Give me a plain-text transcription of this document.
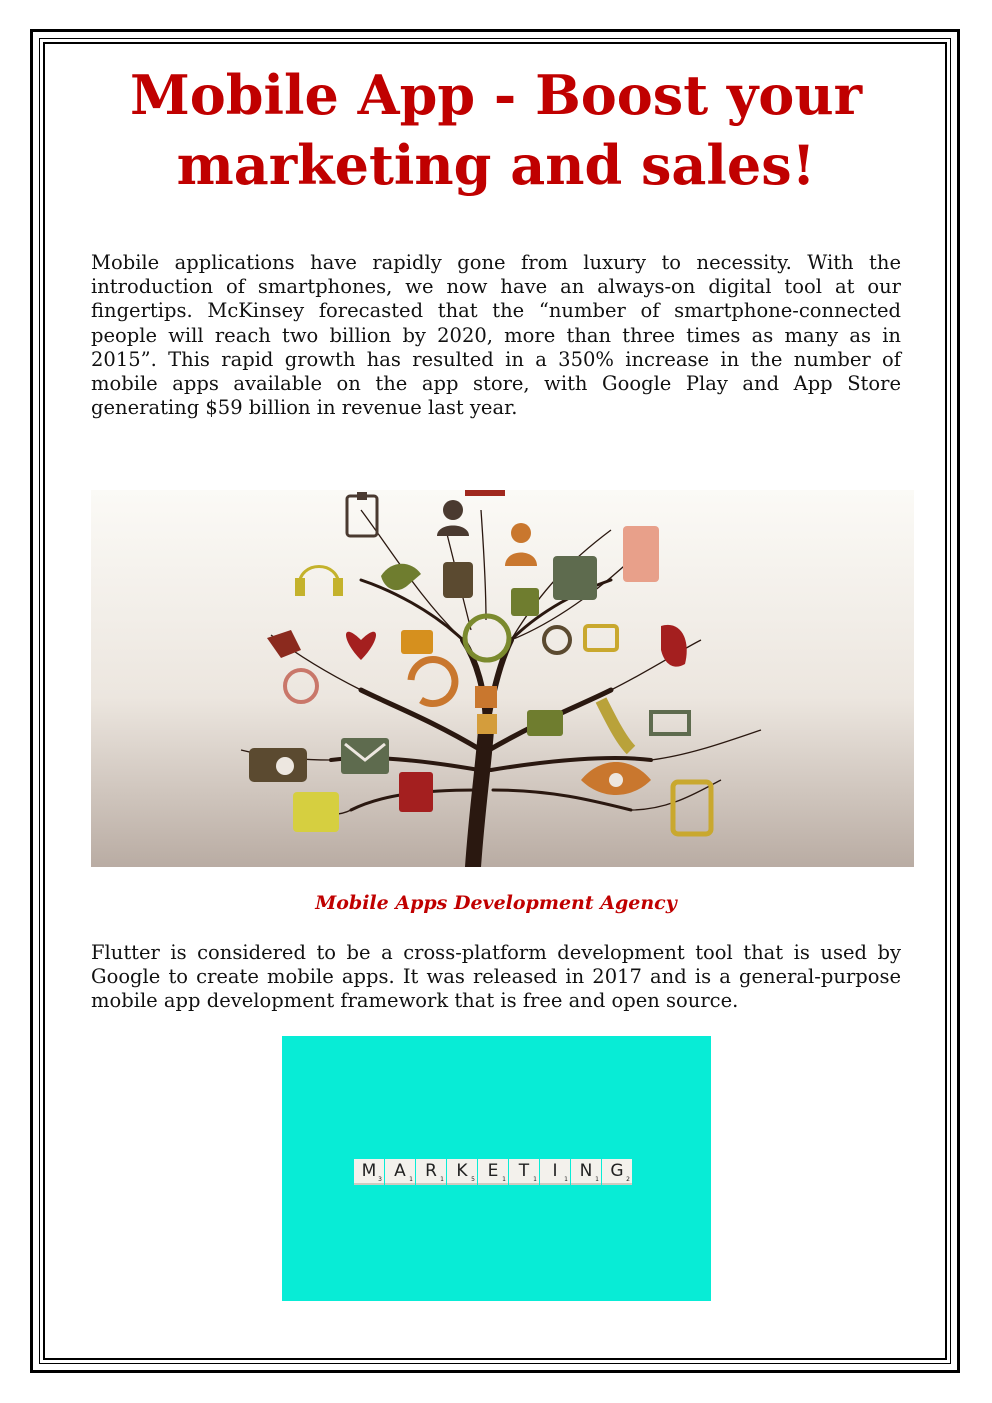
Mobile App - Boost your marketing and sales!

Mobile applications have rapidly gone from luxury to necessity. With the introduction of smartphones, we now have an always-on digital tool at our fingertips. McKinsey forecasted that the “number of smartphone-connected people will reach two billion by 2020, more than three times as many as in 2015”. This rapid growth has resulted in a 350% increase in the number of mobile apps available on the app store, with Google Play and App Store generating $59 billion in revenue last year.

Mobile Apps Development Agency

Flutter is considered to be a cross-platform development tool that is used by Google to create mobile apps. It was released in 2017 and is a general-purpose mobile app development framework that is free and open source.

M 3 A 1 R 1 K 5 E 1 T 1 I 1 N 1 G 2
